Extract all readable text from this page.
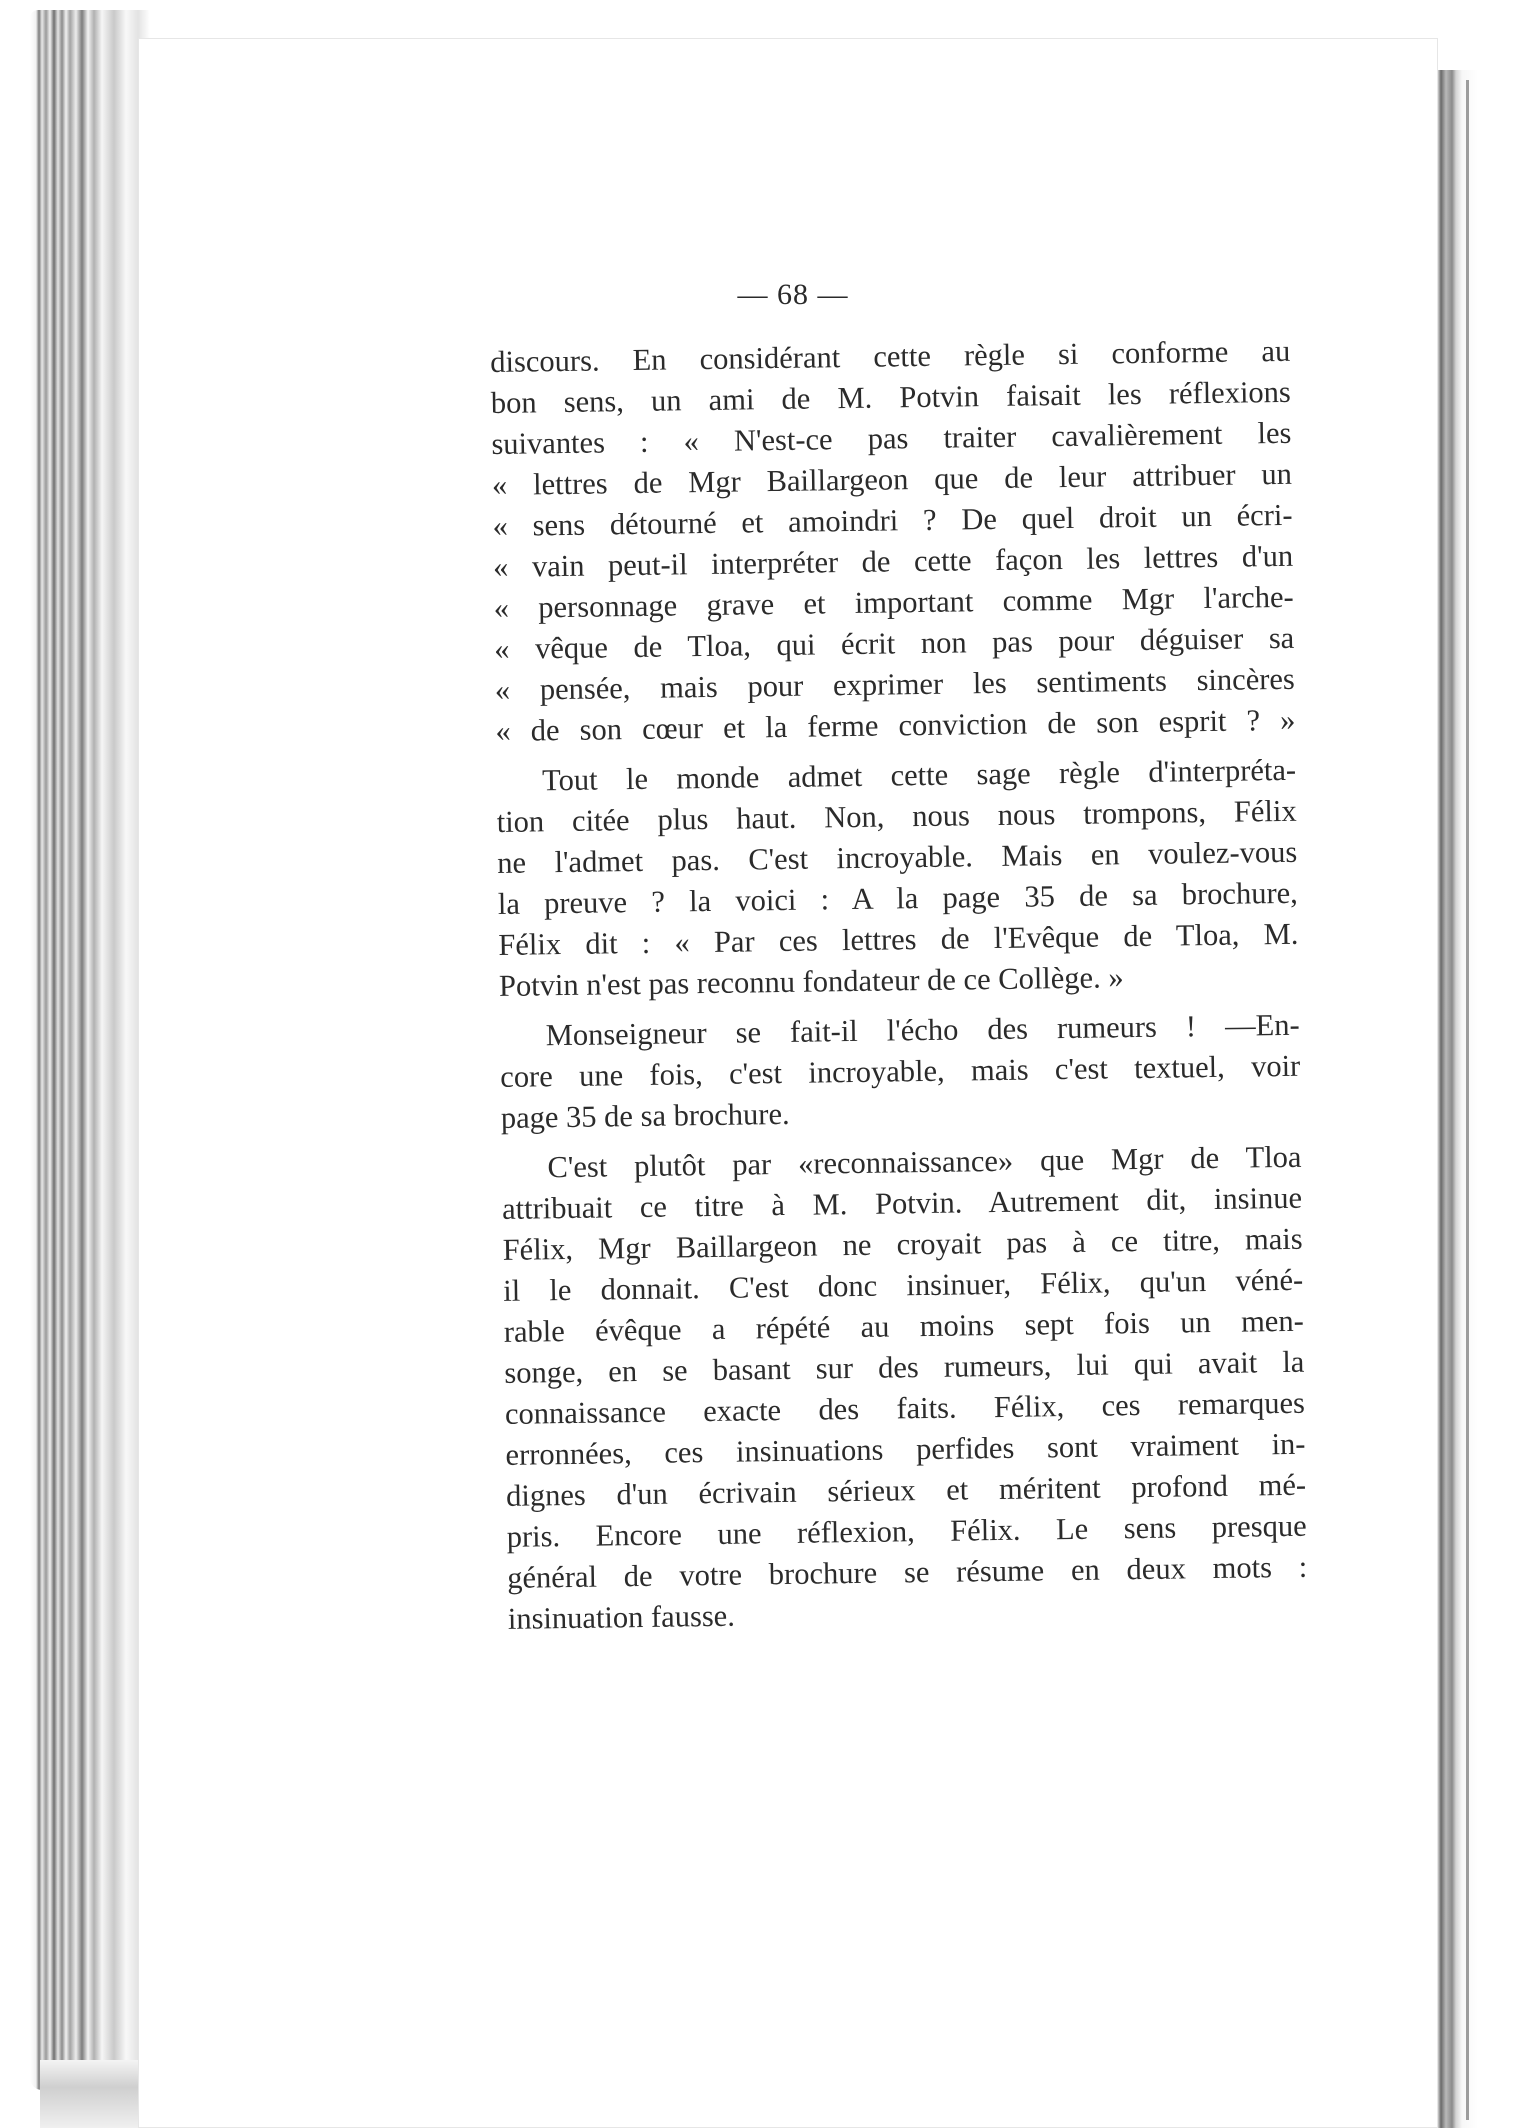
— 68 —
discours. En considérant cette règle si conforme au
bon sens, un ami de M. Potvin faisait les réflexions
suivantes : « N'est-ce pas traiter cavalièrement les
« lettres de Mgr Baillargeon que de leur attribuer un
« sens détourné et amoindri ? De quel droit un écri-
« vain peut-il interpréter de cette façon les lettres d'un
« personnage grave et important comme Mgr l'arche-
« vêque de Tloa, qui écrit non pas pour déguiser sa
« pensée, mais pour exprimer les sentiments sincères
« de son cœur et la ferme conviction de son esprit ? »
Tout le monde admet cette sage règle d'interpréta-
tion citée plus haut. Non, nous nous trompons, Félix
ne l'admet pas. C'est incroyable. Mais en voulez-vous
la preuve ? la voici : A la page 35 de sa brochure,
Félix dit : « Par ces lettres de l'Evêque de Tloa, M.
Potvin n'est pas reconnu fondateur de ce Collège. »
Monseigneur se fait-il l'écho des rumeurs ! —En-
core une fois, c'est incroyable, mais c'est textuel, voir
page 35 de sa brochure.
C'est plutôt par «reconnaissance» que Mgr de Tloa
attribuait ce titre à M. Potvin. Autrement dit, insinue
Félix, Mgr Baillargeon ne croyait pas à ce titre, mais
il le donnait. C'est donc insinuer, Félix, qu'un véné-
rable évêque a répété au moins sept fois un men-
songe, en se basant sur des rumeurs, lui qui avait la
connaissance exacte des faits. Félix, ces remarques
erronnées, ces insinuations perfides sont vraiment in-
dignes d'un écrivain sérieux et méritent profond mé-
pris. Encore une réflexion, Félix. Le sens presque
général de votre brochure se résume en deux mots :
insinuation fausse.
